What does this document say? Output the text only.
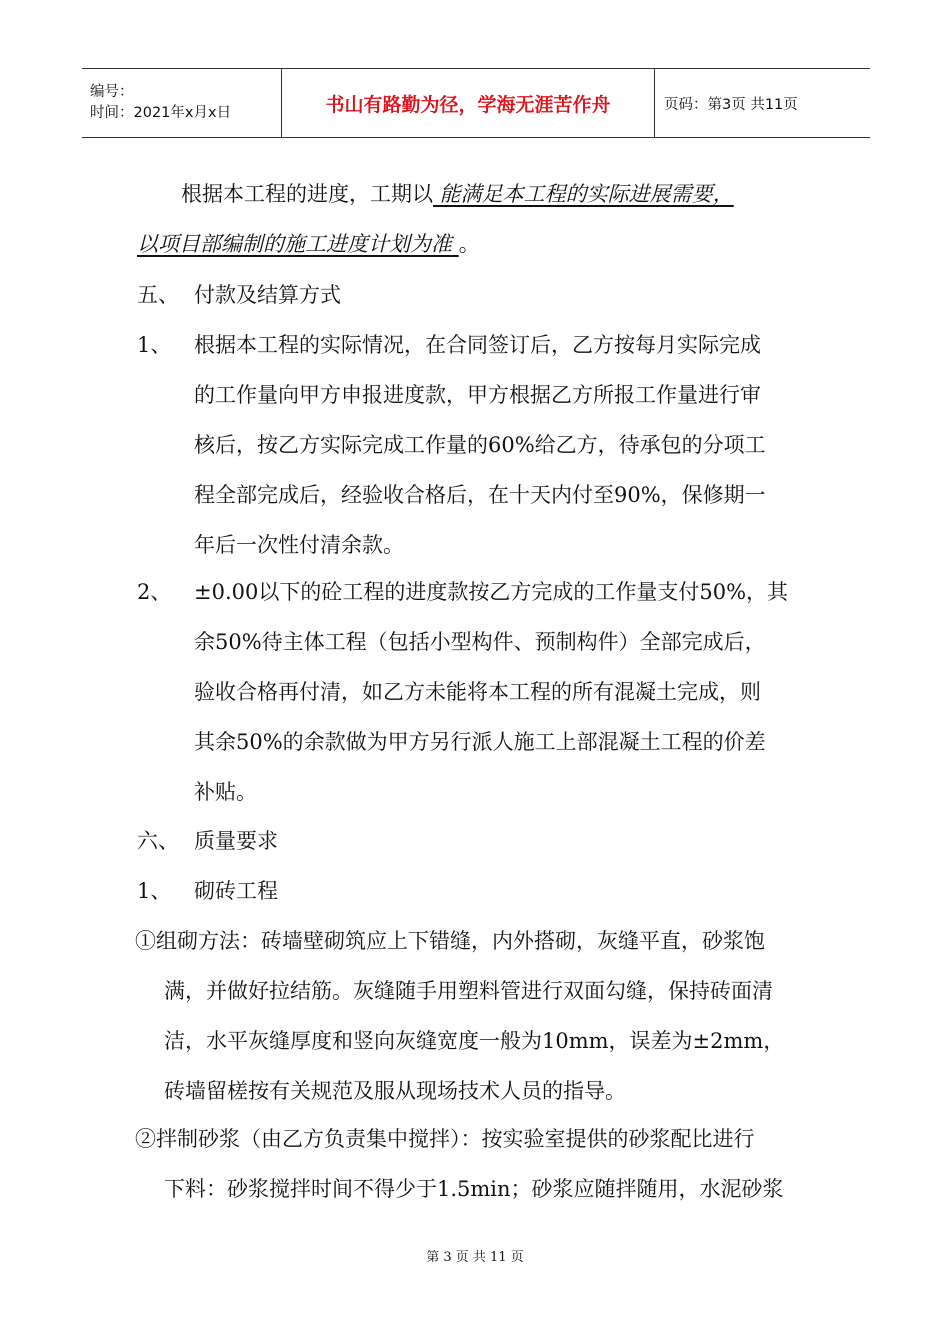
编号：
时间：2021年x月x日	书山有路勤为径，学海无涯苦作舟	页码：第3页 共11页
根据本工程的进度，工期以 能满足本工程的实际进展需要，
以项目部编制的施工进度计划为准 。
五、 付款及结算方式
1、 根据本工程的实际情况，在合同签订后，乙方按每月实际完成
的工作量向甲方申报进度款，甲方根据乙方所报工作量进行审
核后，按乙方实际完成工作量的60%给乙方，待承包的分项工
程全部完成后，经验收合格后，在十天内付至90%，保修期一
年后一次性付清余款。
2、 ±0.00以下的砼工程的进度款按乙方完成的工作量支付50%，其
余50%待主体工程（包括小型构件、预制构件）全部完成后，
验收合格再付清，如乙方未能将本工程的所有混凝土完成，则
其余50%的余款做为甲方另行派人施工上部混凝土工程的价差
补贴。
六、 质量要求
1、 砌砖工程
①组砌方法：砖墙壁砌筑应上下错缝，内外搭砌，灰缝平直，砂浆饱
满，并做好拉结筋。灰缝随手用塑料管进行双面勾缝，保持砖面清
洁，水平灰缝厚度和竖向灰缝宽度一般为10mm，误差为±2mm，
砖墙留槎按有关规范及服从现场技术人员的指导。
②拌制砂浆（由乙方负责集中搅拌）：按实验室提供的砂浆配比进行
下料：砂浆搅拌时间不得少于1.5min；砂浆应随拌随用，水泥砂浆
第 3 页 共 11 页
